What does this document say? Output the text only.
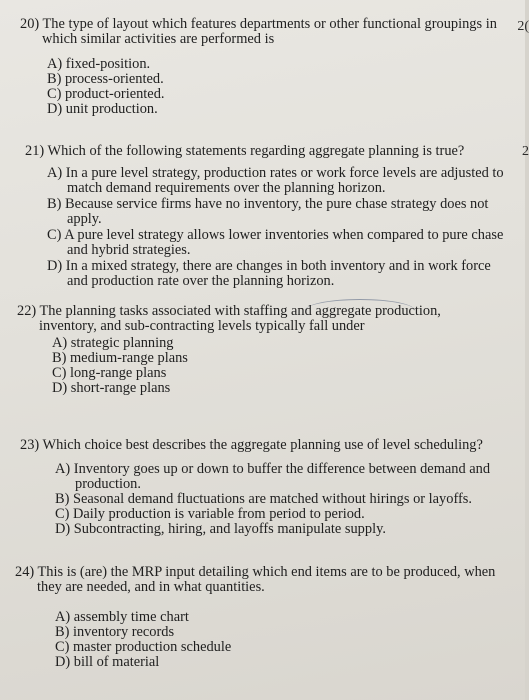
20) The type of layout which features departments or other functional groupings in which similar activities are performed is

2(
A) fixed-position.
B) process-oriented.
C) product-oriented.
D) unit production.

21) Which of the following statements regarding aggregate planning is true?	2
A) In a pure level strategy, production rates or work force levels are adjusted to match demand requirements over the planning horizon.
B) Because service firms have no inventory, the pure chase strategy does not apply.
C) A pure level strategy allows lower inventories when compared to pure chase and hybrid strategies.
D) In a mixed strategy, there are changes in both inventory and in work force and production rate over the planning horizon.

22) The planning tasks associated with staffing and aggregate production, inventory, and sub-contracting levels typically fall under

A) strategic planning
B) medium-range plans
C) long-range plans
D) short-range plans

23) Which choice best describes the aggregate planning use of level scheduling?

A) Inventory goes up or down to buffer the difference between demand and production.
B) Seasonal demand fluctuations are matched without hirings or layoffs.
C) Daily production is variable from period to period.
D) Subcontracting, hiring, and layoffs manipulate supply.

24) This is (are) the MRP input detailing which end items are to be produced, when they are needed, and in what quantities.

A) assembly time chart
B) inventory records
C) master production schedule
D) bill of material
